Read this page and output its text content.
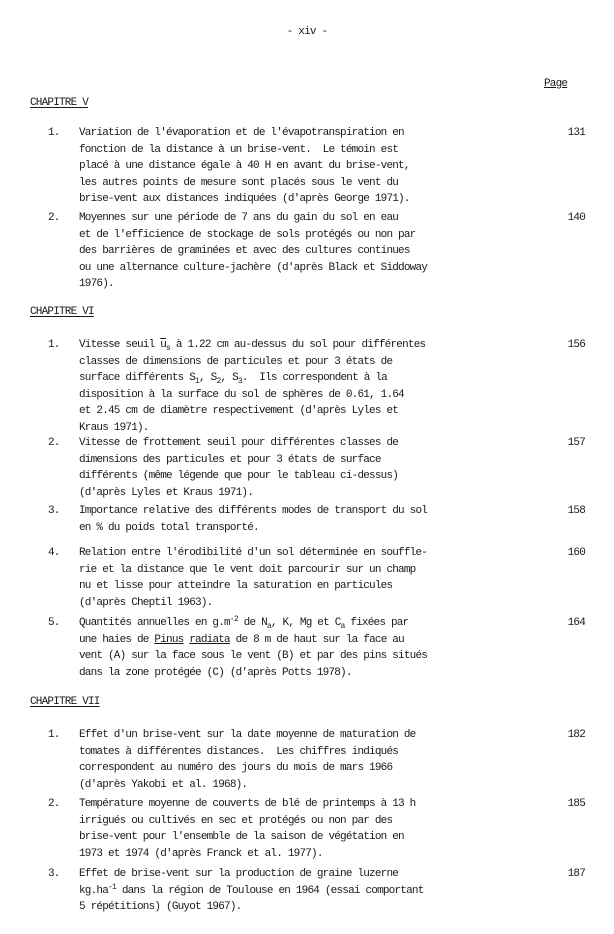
- xiv -
Page
CHAPITRE V
1.	131
Variation de l'évaporation et de l'évapotranspiration en
fonction de la distance à un brise-vent.  Le témoin est
placé à une distance égale à 40 H en avant du brise-vent,
les autres points de mesure sont placés sous le vent du
brise-vent aux distances indiquées (d'après George 1971).
2.	140
Moyennes sur une période de 7 ans du gain du sol en eau
et de l'efficience de stockage de sols protégés ou non par
des barrières de graminées et avec des cultures continues
ou une alternance culture-jachère (d'après Black et Siddoway
1976).
CHAPITRE VI
1.	156
Vitesse seuil $\overline{u}_s$ à 1.22 cm au-dessus du sol pour différentes
classes de dimensions de particules et pour 3 états de
surface différents $S_1$, $S_2$, $S_3$.  Ils correspondent à la
disposition à la surface du sol de sphères de 0.61, 1.64
et 2.45 cm de diamètre respectivement (d'après Lyles et
Kraus 1971).
2.	157
Vitesse de frottement seuil pour différentes classes de
dimensions des particules et pour 3 états de surface
différents (même légende que pour le tableau ci-dessus)
(d'après Lyles et Kraus 1971).
3.	158
Importance relative des différents modes de transport du sol
en % du poids total transporté.
4.	160
Relation entre l'érodibilité d'un sol déterminée en souffle-
rie et la distance que le vent doit parcourir sur un champ
nu et lisse pour atteindre la saturation en particules
(d'après Cheptil 1963).
5.	164
Quantités annuelles en $g.m^{-2}$ de $N_a$, K, Mg et $C_a$ fixées par
une haies de Pinus radiata de 8 m de haut sur la face au
vent (A) sur la face sous le vent (B) et par des pins situés
dans la zone protégée (C) (d'après Potts 1978).
CHAPITRE VII
1.	182
Effet d'un brise-vent sur la date moyenne de maturation de
tomates à différentes distances.  Les chiffres indiqués
correspondent au numéro des jours du mois de mars 1966
(d'après Yakobi et al. 1968).
2.	185
Température moyenne de couverts de blé de printemps à 13 h
irrigués ou cultivés en sec et protégés ou non par des
brise-vent pour l'ensemble de la saison de végétation en
1973 et 1974 (d'après Franck et al. 1977).
3.	187
Effet de brise-vent sur la production de graine luzerne
$kg.ha^{-1}$ dans la région de Toulouse en 1964 (essai comportant
5 répétitions) (Guyot 1967).
